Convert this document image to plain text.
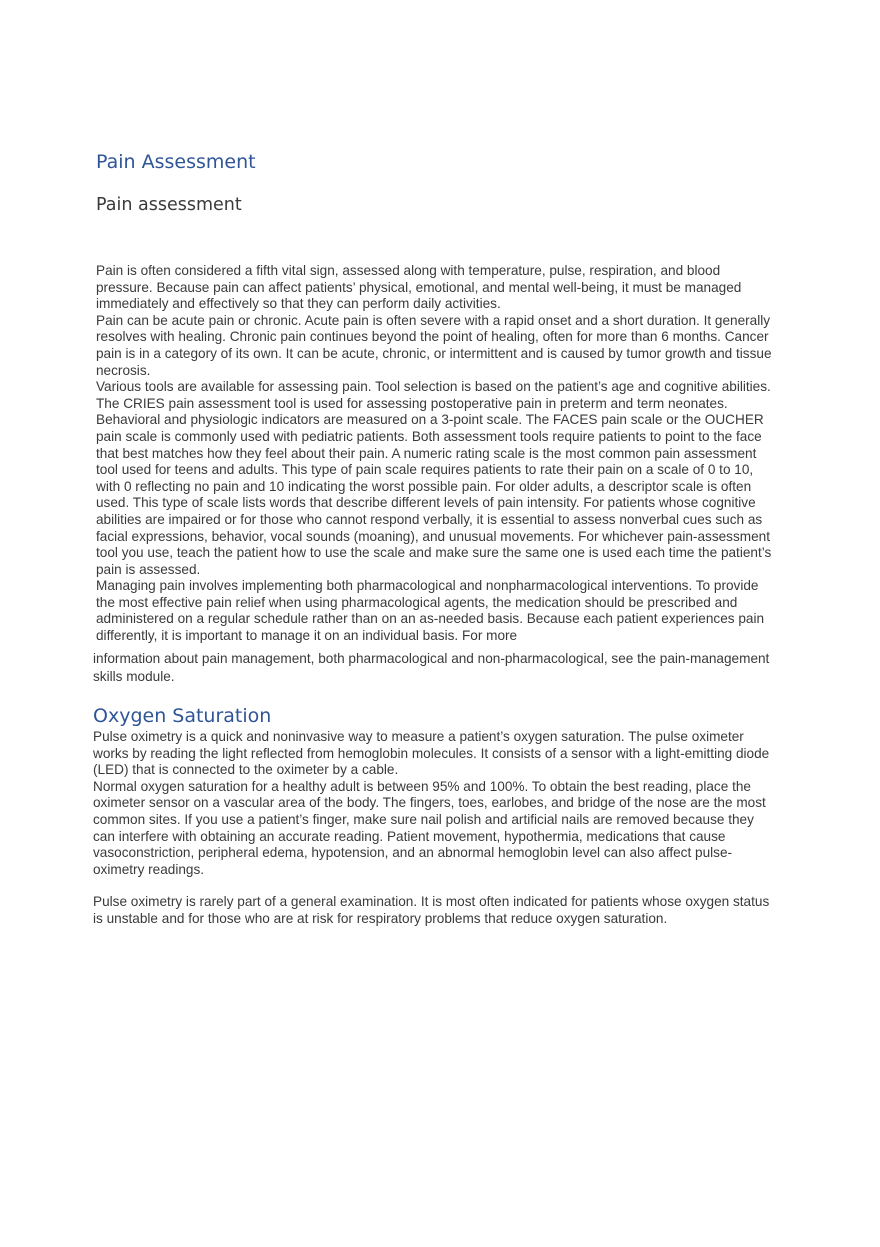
Pain Assessment
Pain assessment

Pain is often considered a fifth vital sign, assessed along with temperature, pulse, respiration, and blood pressure. Because pain can affect patients’ physical, emotional, and mental well-being, it must be managed immediately and effectively so that they can perform daily activities.

Pain can be acute pain or chronic. Acute pain is often severe with a rapid onset and a short duration. It generally resolves with healing. Chronic pain continues beyond the point of healing, often for more than 6 months. Cancer pain is in a category of its own. It can be acute, chronic, or intermittent and is caused by tumor growth and tissue necrosis.

Various tools are available for assessing pain. Tool selection is based on the patient’s age and cognitive abilities. The CRIES pain assessment tool is used for assessing postoperative pain in preterm and term neonates. Behavioral and physiologic indicators are measured on a 3-point scale. The FACES pain scale or the OUCHER pain scale is commonly used with pediatric patients. Both assessment tools require patients to point to the face that best matches how they feel about their pain. A numeric rating scale is the most common pain assessment tool used for teens and adults. This type of pain scale requires patients to rate their pain on a scale of 0 to 10, with 0 reflecting no pain and 10 indicating the worst possible pain. For older adults, a descriptor scale is often used. This type of scale lists words that describe different levels of pain intensity. For patients whose cognitive abilities are impaired or for those who cannot respond verbally, it is essential to assess nonverbal cues such as facial expressions, behavior, vocal sounds (moaning), and unusual movements. For whichever pain-assessment tool you use, teach the patient how to use the scale and make sure the same one is used each time the patient’s pain is assessed.

Managing pain involves implementing both pharmacological and nonpharmacological interventions. To provide the most effective pain relief when using pharmacological agents, the medication should be prescribed and administered on a regular schedule rather than on an as-needed basis. Because each patient experiences pain differently, it is important to manage it on an individual basis. For more

information about pain management, both pharmacological and non-pharmacological, see the pain-management skills module.

Oxygen Saturation

Pulse oximetry is a quick and noninvasive way to measure a patient’s oxygen saturation. The pulse oximeter works by reading the light reflected from hemoglobin molecules. It consists of a sensor with a light-emitting diode (LED) that is connected to the oximeter by a cable.

Normal oxygen saturation for a healthy adult is between 95% and 100%. To obtain the best reading, place the oximeter sensor on a vascular area of the body. The fingers, toes, earlobes, and bridge of the nose are the most common sites. If you use a patient’s finger, make sure nail polish and artificial nails are removed because they can interfere with obtaining an accurate reading. Patient movement, hypothermia, medications that cause vasoconstriction, peripheral edema, hypotension, and an abnormal hemoglobin level can also affect pulse-oximetry readings.

Pulse oximetry is rarely part of a general examination. It is most often indicated for patients whose oxygen status is unstable and for those who are at risk for respiratory problems that reduce oxygen saturation.
